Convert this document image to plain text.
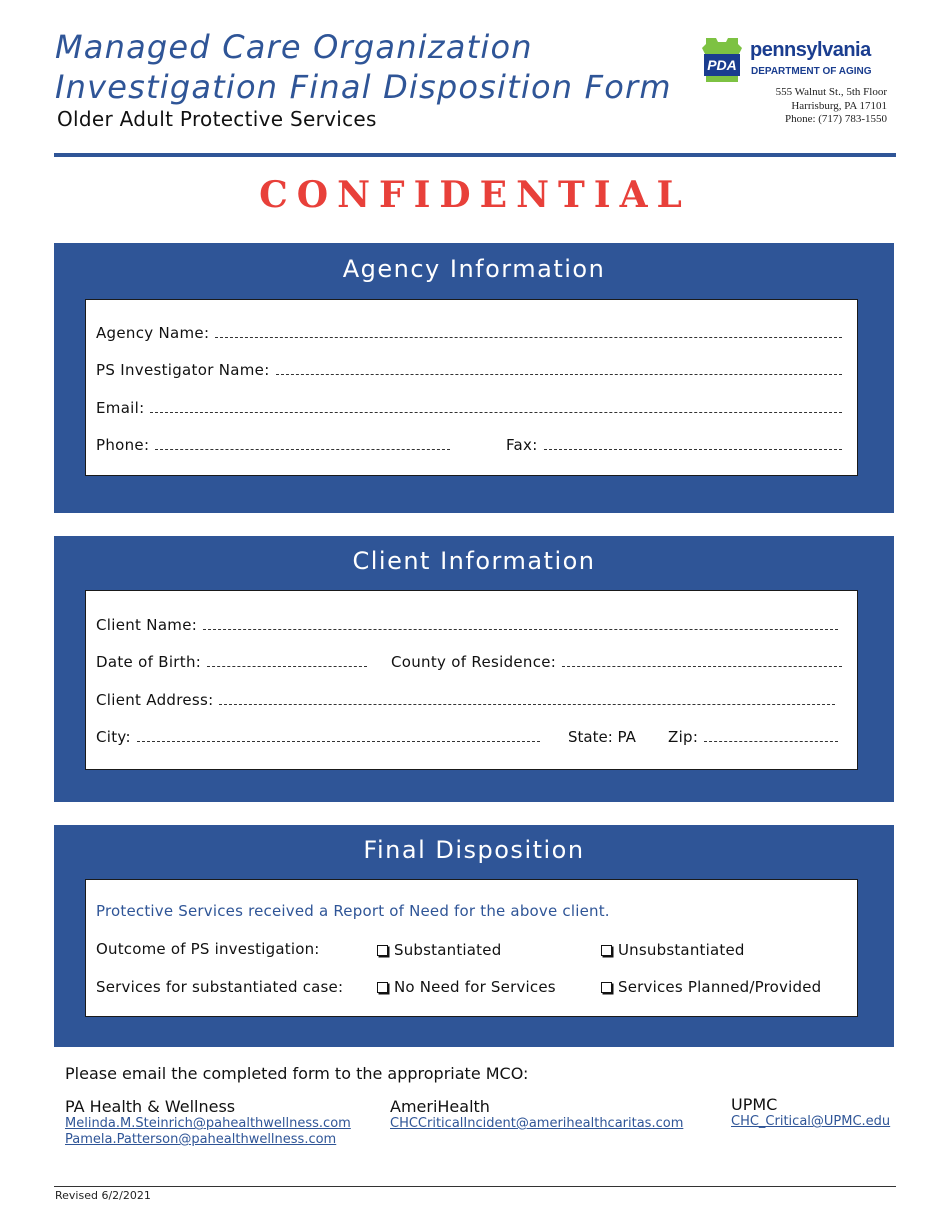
Managed Care Organization
Investigation Final Disposition Form
Older Adult Protective Services
PDA
pennsylvania
DEPARTMENT OF AGING
555 Walnut St., 5th Floor
Harrisburg, PA 17101
Phone: (717) 783-1550
CONFIDENTIAL
Agency Information
Agency Name:
PS Investigator Name:
Email:
Phone:	Fax:
Client Information
Client Name:
Date of Birth:	County of Residence:
Client Address:
City:	State: PA Zip:
Final Disposition
Protective Services received a Report of Need for the above client.
Outcome of PS investigation:	Substantiated	Unsubstantiated
Services for substantiated case:	No Need for Services	Services Planned/Provided
Please email the completed form to the appropriate MCO:
PA Health & Wellness
Melinda.M.Steinrich@pahealthwellness.com
Pamela.Patterson@pahealthwellness.com
AmeriHealth
CHCCriticalIncident@amerihealthcaritas.com
UPMC
CHC_Critical@UPMC.edu
Revised 6/2/2021
